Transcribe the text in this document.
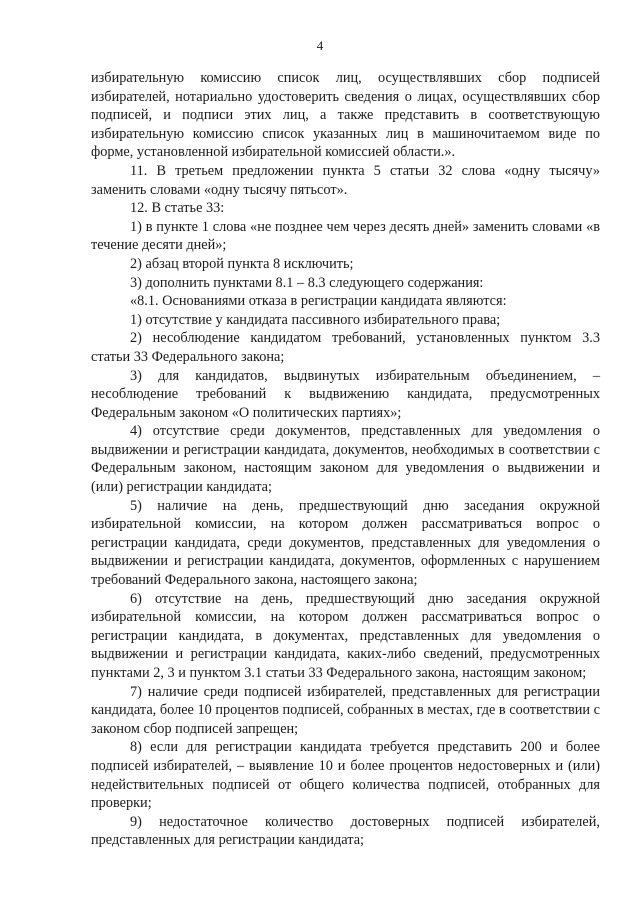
4

избирательную комиссию список лиц, осуществлявших сбор подписей избирателей, нотариально удостоверить сведения о лицах, осуществлявших сбор подписей, и подписи этих лиц, а также представить в соответствующую избирательную комиссию список указанных лиц в машиночитаемом виде по форме, установленной избирательной комиссией области.».

11. В третьем предложении пункта 5 статьи 32 слова «одну тысячу» заменить словами «одну тысячу пятьсот».

12. В статье 33:

1) в пункте 1 слова «не позднее чем через десять дней» заменить словами «в течение десяти дней»;

2) абзац второй пункта 8 исключить;

3) дополнить пунктами 8.1 – 8.3 следующего содержания:

«8.1. Основаниями отказа в регистрации кандидата являются:

1) отсутствие у кандидата пассивного избирательного права;

2) несоблюдение кандидатом требований, установленных пунктом 3.3 статьи 33 Федерального закона;

3) для кандидатов, выдвинутых избирательным объединением, – несоблюдение требований к выдвижению кандидата, предусмотренных Федеральным законом «О политических партиях»;

4) отсутствие среди документов, представленных для уведомления о выдвижении и регистрации кандидата, документов, необходимых в соответствии с Федеральным законом, настоящим законом для уведомления о выдвижении и (или) регистрации кандидата;

5) наличие на день, предшествующий дню заседания окружной избирательной комиссии, на котором должен рассматриваться вопрос о регистрации кандидата, среди документов, представленных для уведомления о выдвижении и регистрации кандидата, документов, оформленных с нарушением требований Федерального закона, настоящего закона;

6) отсутствие на день, предшествующий дню заседания окружной избирательной комиссии, на котором должен рассматриваться вопрос о регистрации кандидата, в документах, представленных для уведомления о выдвижении и регистрации кандидата, каких-либо сведений, предусмотренных пунктами 2, 3 и пунктом 3.1 статьи 33 Федерального закона, настоящим законом;

7) наличие среди подписей избирателей, представленных для регистрации кандидата, более 10 процентов подписей, собранных в местах, где в соответствии с законом сбор подписей запрещен;

8) если для регистрации кандидата требуется представить 200 и более подписей избирателей, – выявление 10 и более процентов недостоверных и (или) недействительных подписей от общего количества подписей, отобранных для проверки;

9) недостаточное количество достоверных подписей избирателей, представленных для регистрации кандидата;
